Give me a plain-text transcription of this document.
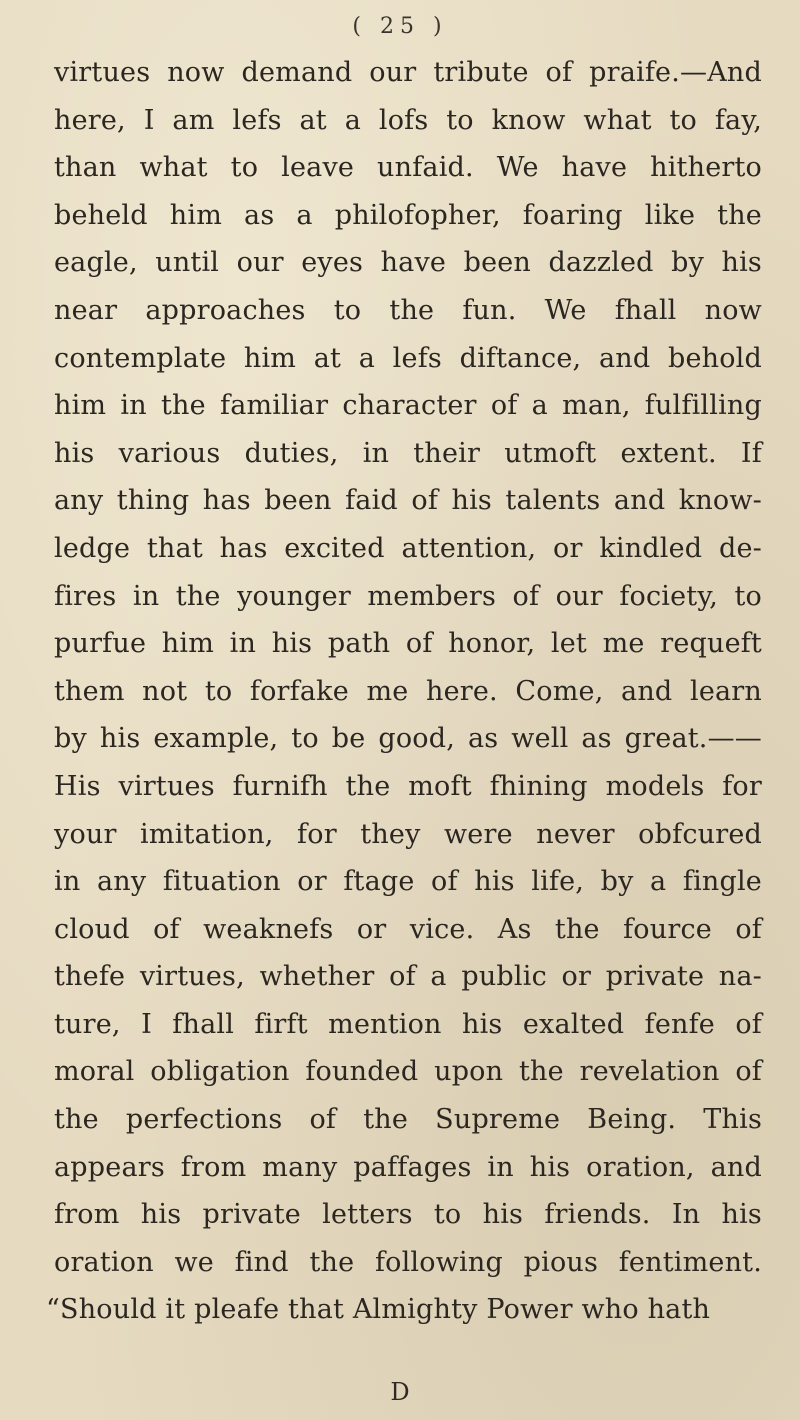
( 25 )
virtues now demand our tribute of praife.—And
here, I am lefs at a lofs to know what to fay,
than what to leave unfaid. We have hitherto
beheld him as a philofopher, foaring like the
eagle, until our eyes have been dazzled by his
near approaches to the fun. We fhall now
contemplate him at a lefs diftance, and behold
him in the familiar character of a man, fulfilling
his various duties, in their utmoft extent. If
any thing has been faid of his talents and know-
ledge that has excited attention, or kindled de-
fires in the younger members of our fociety, to
purfue him in his path of honor, let me requeft
them not to forfake me here. Come, and learn
by his example, to be good, as well as great.——
His virtues furnifh the moft fhining models for
your imitation, for they were never obfcured
in any fituation or ftage of his life, by a fingle
cloud of weaknefs or vice. As the fource of
thefe virtues, whether of a public or private na-
ture, I fhall firft mention his exalted fenfe of
moral obligation founded upon the revelation of
the perfections of the Supreme Being. This
appears from many paffages in his oration, and
from his private letters to his friends. In his
oration we find the following pious fentiment.
“Should it pleafe that Almighty Power who hath
D
